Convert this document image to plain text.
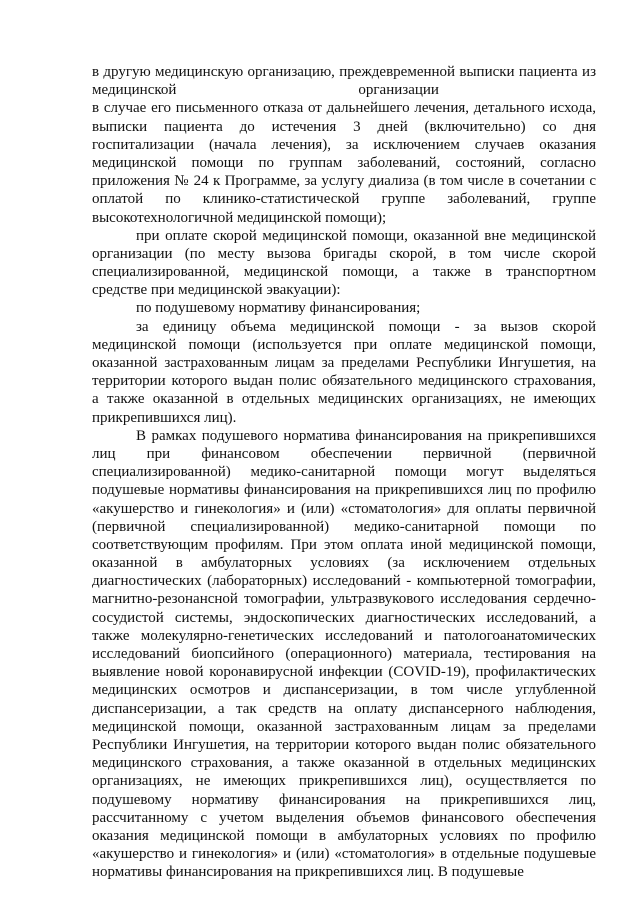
в другую медицинскую организацию, преждевременной выписки пациента из
медицинской	организации
в случае его письменного отказа от дальнейшего лечения, детального исхода,
выписки пациента до истечения 3 дней (включительно) со дня
госпитализации (начала лечения), за исключением случаев оказания
медицинской помощи по группам заболеваний, состояний, согласно
приложения № 24 к Программе, за услугу диализа (в том числе в сочетании с
оплатой по клинико-статистической группе заболеваний, группе
высокотехнологичной медицинской помощи);
при оплате скорой медицинской помощи, оказанной вне медицинской
организации (по месту вызова бригады скорой, в том числе скорой
специализированной, медицинской помощи, а также в транспортном
средстве при медицинской эвакуации):
по подушевому нормативу финансирования;
за единицу объема медицинской помощи - за вызов скорой
медицинской помощи (используется при оплате медицинской помощи,
оказанной застрахованным лицам за пределами Республики Ингушетия, на
территории которого выдан полис обязательного медицинского страхования,
а также оказанной в отдельных медицинских организациях, не имеющих
прикрепившихся лиц).
В рамках подушевого норматива финансирования на прикрепившихся
лиц при финансовом обеспечении первичной (первичной
специализированной) медико-санитарной помощи могут выделяться
подушевые нормативы финансирования на прикрепившихся лиц по профилю
«акушерство и гинекология» и (или) «стоматология» для оплаты первичной
(первичной специализированной) медико-санитарной помощи по
соответствующим профилям. При этом оплата иной медицинской помощи,
оказанной в амбулаторных условиях (за исключением отдельных
диагностических (лабораторных) исследований - компьютерной томографии,
магнитно-резонансной томографии, ультразвукового исследования сердечно-
сосудистой системы, эндоскопических диагностических исследований, а
также молекулярно-генетических исследований и патологоанатомических
исследований биопсийного (операционного) материала, тестирования на
выявление новой коронавирусной инфекции (COVID-19), профилактических
медицинских осмотров и диспансеризации, в том числе углубленной
диспансеризации, а так средств на оплату диспансерного наблюдения,
медицинской помощи, оказанной застрахованным лицам за пределами
Республики Ингушетия, на территории которого выдан полис обязательного
медицинского страхования, а также оказанной в отдельных медицинских
организациях, не имеющих прикрепившихся лиц), осуществляется по
подушевому нормативу финансирования на прикрепившихся лиц,
рассчитанному с учетом выделения объемов финансового обеспечения
оказания медицинской помощи в амбулаторных условиях по профилю
«акушерство и гинекология» и (или) «стоматология» в отдельные подушевые
нормативы финансирования на прикрепившихся лиц. В подушевые
